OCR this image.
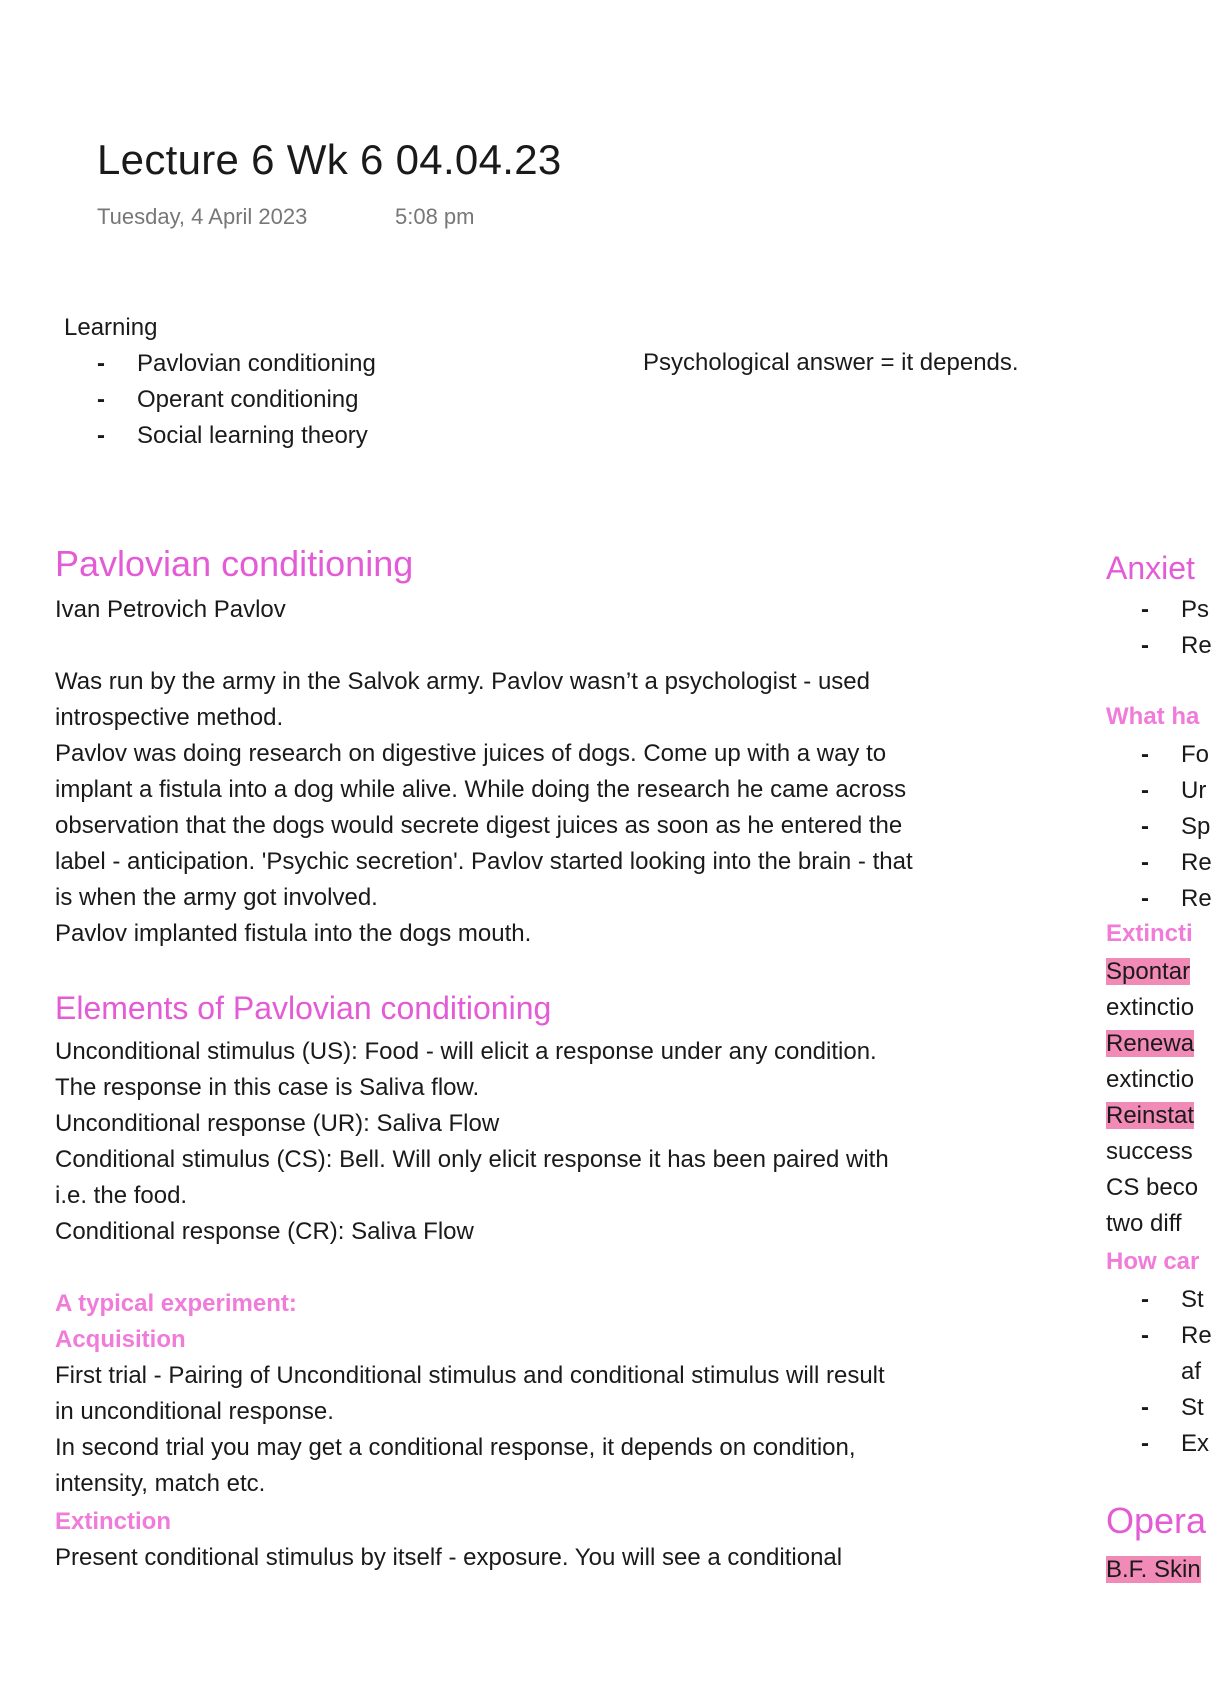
Lecture 6 Wk 6 04.04.23
Tuesday, 4 April 2023	5:08 pm
Learning
- Pavlovian conditioning
- Operant conditioning
- Social learning theory
Psychological answer = it depends.
Pavlovian conditioning
Ivan Petrovich Pavlov
Was run by the army in the Salvok army. Pavlov wasn’t a psychologist - used
introspective method.
Pavlov was doing research on digestive juices of dogs. Come up with a way to
implant a fistula into a dog while alive. While doing the research he came across
observation that the dogs would secrete digest juices as soon as he entered the
label - anticipation. 'Psychic secretion'. Pavlov started looking into the brain - that
is when the army got involved.
Pavlov implanted fistula into the dogs mouth.
Elements of Pavlovian conditioning
Unconditional stimulus (US): Food - will elicit a response under any condition.
The response in this case is Saliva flow.
Unconditional response (UR): Saliva Flow
Conditional stimulus (CS): Bell. Will only elicit response it has been paired with
i.e. the food.
Conditional response (CR): Saliva Flow
A typical experiment:
Acquisition
First trial - Pairing of Unconditional stimulus and conditional stimulus will result
in unconditional response.
In second trial you may get a conditional response, it depends on condition,
intensity, match etc.
Extinction
Present conditional stimulus by itself - exposure. You will see a conditional
Anxiet
- Ps
- Re
What ha
- Fo
- Ur
- Sp
- Re
- Re
Extincti
Spontar
extinctio
Renewa
extinctio
Reinstat
success
CS beco
two diff
How car
- St
- Re
af
- St
- Ex
Opera
B.F. Skin
